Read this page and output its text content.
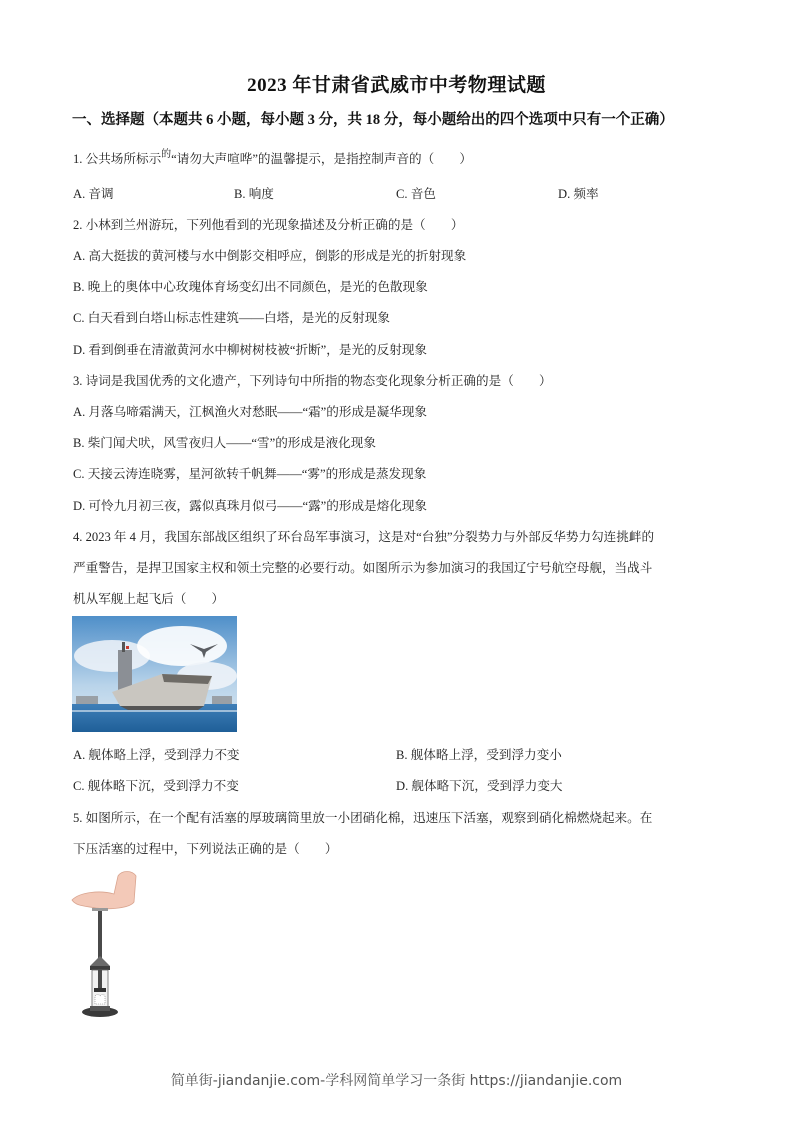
2023 年甘肃省武威市中考物理试题
一、选择题（本题共 6 小题，每小题 3 分，共 18 分，每小题给出的四个选项中只有一个正确）
1. 公共场所标示$^的$“请勿大声喧哗”的温馨提示，是指控制声音的（　　）
A. 音调	B. 响度	C. 音色	D. 频率
2. 小林到兰州游玩，下列他看到的光现象描述及分析正确的是（　　）
A. 高大挺拔的黄河楼与水中倒影交相呼应，倒影的形成是光的折射现象
B. 晚上的奥体中心玫瑰体育场变幻出不同颜色，是光的色散现象
C. 白天看到白塔山标志性建筑——白塔，是光的反射现象
D. 看到倒垂在清澈黄河水中柳树树枝被“折断”，是光的反射现象
3. 诗词是我国优秀的文化遗产，下列诗句中所指的物态变化现象分析正确的是（　　）
A. 月落乌啼霜满天，江枫渔火对愁眠——“霜”的形成是凝华现象
B. 柴门闻犬吠，风雪夜归人——“雪”的形成是液化现象
C. 天接云涛连晓雾，星河欲转千帆舞——“雾”的形成是蒸发现象
D. 可怜九月初三夜，露似真珠月似弓——“露”的形成是熔化现象
4. 2023 年 4 月，我国东部战区组织了环台岛军事演习，这是对“台独”分裂势力与外部反华势力勾连挑衅的
严重警告，是捍卫国家主权和领土完整的必要行动。如图所示为参加演习的我国辽宁号航空母舰，当战斗
机从军舰上起飞后（　　）
A. 舰体略上浮，受到浮力不变	B. 舰体略上浮，受到浮力变小
C. 舰体略下沉，受到浮力不变	D. 舰体略下沉，受到浮力变大
5. 如图所示，在一个配有活塞的厚玻璃筒里放一小团硝化棉，迅速压下活塞，观察到硝化棉燃烧起来。在
下压活塞的过程中，下列说法正确的是（　　）
简单街-jiandanjie.com-学科网简单学习一条街 https://jiandanjie.com
